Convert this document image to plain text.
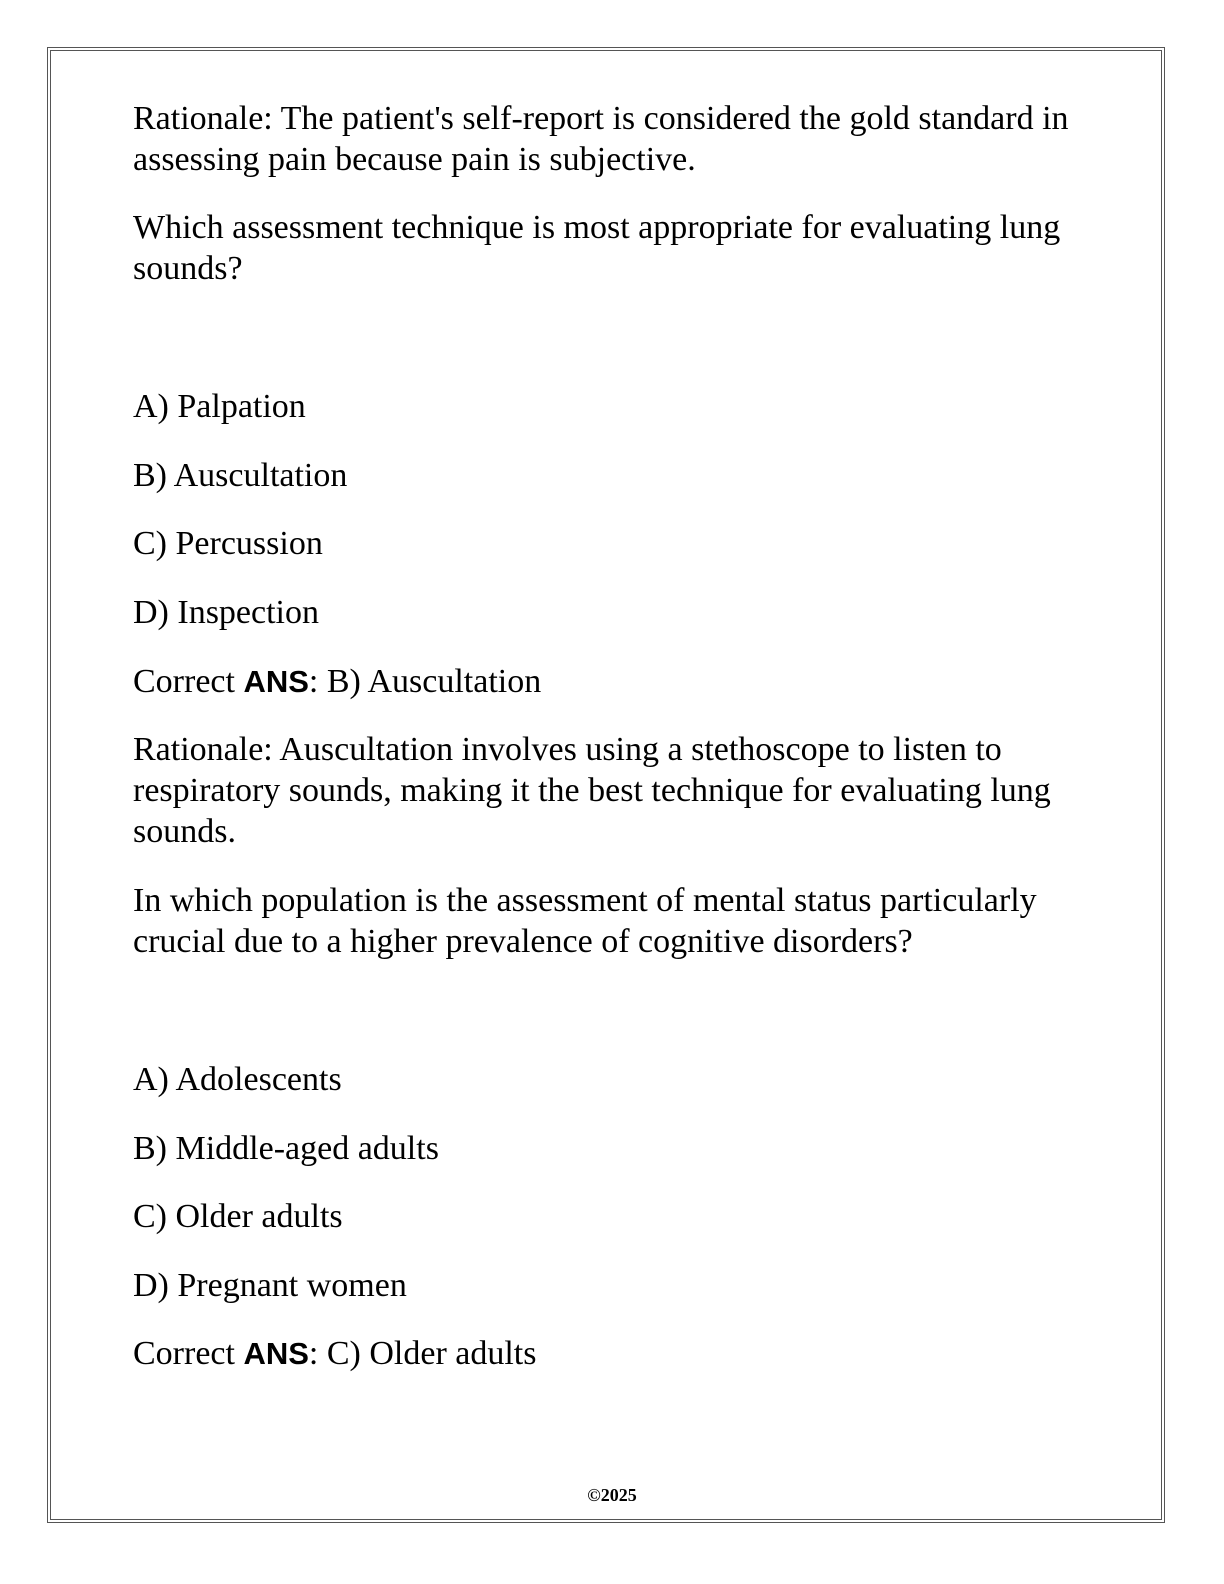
Rationale: The patient's self-report is considered the gold standard in assessing pain because pain is subjective.

Which assessment technique is most appropriate for evaluating lung sounds?

A) Palpation

B) Auscultation

C) Percussion

D) Inspection

Correct ANS: B) Auscultation

Rationale: Auscultation involves using a stethoscope to listen to respiratory sounds, making it the best technique for evaluating lung sounds.

In which population is the assessment of mental status particularly crucial due to a higher prevalence of cognitive disorders?

A) Adolescents

B) Middle-aged adults

C) Older adults

D) Pregnant women

Correct ANS: C) Older adults

©2025
